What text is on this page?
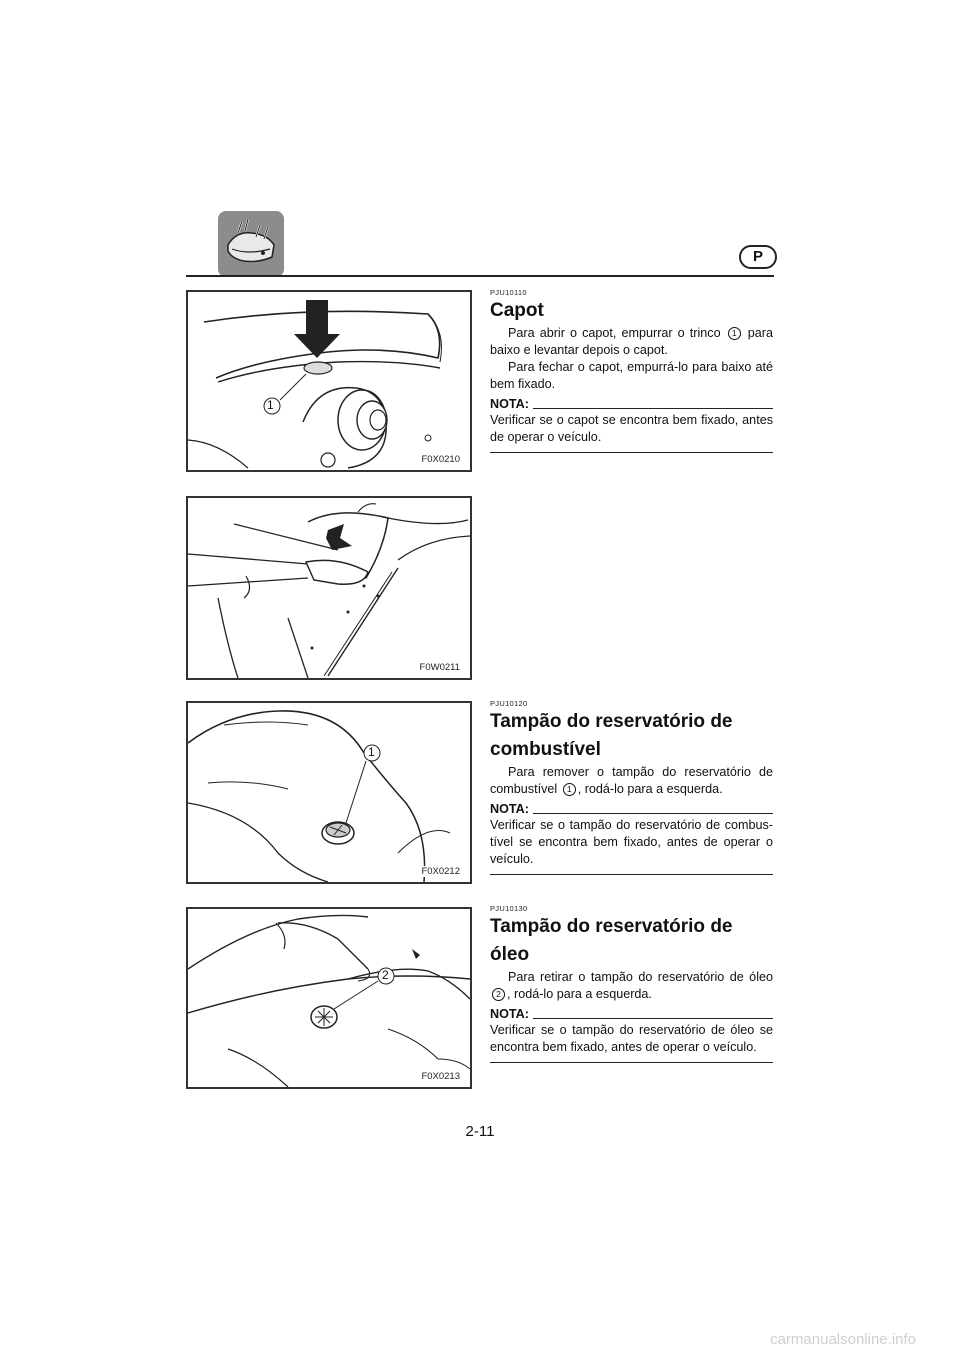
P
1
F0X0210
F0W0211
1
F0X0212
2
F0X0213
PJU10110
Capot

Para abrir o capot, empurrar o trinco 1 para baixo e levantar depois o capot.

Para fechar o capot, empurrá-lo para baixo até bem fixado.

NOTA:

Verificar se o capot se encontra bem fixado, antes de operar o veículo.

PJU10120
Tampão do reservatório de combustível

Para remover o tampão do reservatório de combustível 1 , rodá-lo para a esquerda.

NOTA:

Verificar se o tampão do reservatório de combus-tível se encontra bem fixado, antes de operar o veículo.

PJU10130
Tampão do reservatório de óleo

Para retirar o tampão do reservatório de óleo 2 , rodá-lo para a esquerda.

NOTA:

Verificar se o tampão do reservatório de óleo se encontra bem fixado, antes de operar o veículo.

2-11
carmanualsonline.info
